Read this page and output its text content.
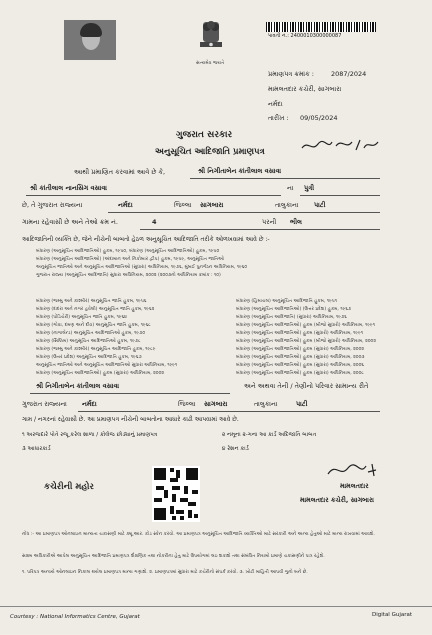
સત્યમેવ જયતે
પાવતી નં.: 2400010300000087
પ્રમાણપત્ર ક્રમાંક :	2087/2024
મામલતદાર કચેરી, સાગબારા
નર્મદા
તારીખ : 09/05/2024
ગુજરાત સરકાર
અનુસૂચિત આદિજાતિ પ્રમાણપત્ર
આથી પ્રમાણિત કરવામાં આવે છે કે,	શ્રી નિગીતાબેન કાંતીલાલ વસાવા
શ્રી કાંતીલાલ નાનસિંગ વસાવા	ના પુત્રી
છે, તે ગુજરાત રાજ્યના	નર્મદા	જિલ્લા સાગબારા	તાલુકાના પાટી
ગામના રહેવાસી છે અને તેઓ ક્રમ નં.	4	પરની ભીલ
આદિજાતિની વ્યક્તિ છે, જેને નીચેની બાબતો હેઠળ અનુસૂચિત આદિજાતિ તરીકે ઓળખવામાં આવે છે :-
બંધારણ (અનુસૂચિત આદિજાતિઓ) હુકમ, ૧૯૫૦, બંધારણ (અનુસૂચિત આદિજાતિઓ) હુકમ, ૧૯૫૦
બંધારણ (અનુસૂચિત આદિજાતિઓ) (અંદામાન અને નિકોબાર દ્વીપ) હુકમ, ૧૯૫૯, અનુસૂચિત જાતિઓ
અનુસૂચિત જાતિઓ અને અનુસૂચિત આદિજાતિઓ (સુધારા) અધિનિયમ, ૧૯૭૬, મુંબઈ પુનર્ગઠન અધિનિયમ, ૧૯૬૦
ગુજરાત રાજ્ય (અનુસૂચિત આદિજાતિ) સુધારા અધિનિયમ, ૨૦૦૨ (૨૦૦૩નો અધિનિયમ ક્રમાંક : ૧૦)
બંધારણ (જમ્મુ અને કાશ્મીર) અનુસૂચિત જાતિ હુકમ, ૧૯૫૬
બંધારણ (દાદરા અને નગર હવેલી) અનુસૂચિત જાતિ હુકમ, ૧૯૬૨
બંધારણ (પોંડિચેરી) અનુસૂચિત જાતિ હુકમ, ૧૯૬૪
બંધારણ (ગોવા, દમણ અને દીવ) અનુસૂચિત જાતિ હુકમ, ૧૯૬૮
બંધારણ (નાગાલેન્ડ) અનુસૂચિત આદિજાતિઓ હુકમ, ૧૯૭૦
બંધારણ (સિક્કિમ) અનુસૂચિત આદિજાતિઓ હુકમ, ૧૯૭૮
બંધારણ (જમ્મુ અને કાશ્મીર) અનુસૂચિત આદિજાતિ હુકમ, ૧૯૮૯
બંધારણ (ઉત્તર પ્રદેશ) અનુસૂચિત આદિજાતિ હુકમ, ૧૯૬૭
અનુસૂચિત જાતિઓ અને અનુસૂચિત આદિજાતિઓ સુધારા અધિનિયમ, ૧૯૯૧
બંધારણ (અનુસૂચિત આદિજાતિઓ) હુકમ (સુધારા) અધિનિયમ, ૨૦૦૨
બંધારણ (હિમાચલ) અનુસૂચિત આદિજાતિ હુકમ, ૧૯૫૧
બંધારણ (અનુસૂચિત આદિજાતિઓ) (ઉત્તર પ્રદેશ) હુકમ, ૧૯૬૭
બંધારણ (અનુસૂચિત આદિજાતિ) (સુધારા) અધિનિયમ, ૧૯૭૬
બંધારણ (અનુસૂચિત આદિજાતિઓ) હુકમ (બીજો સુધારો) અધિનિયમ, ૧૯૯૧
બંધારણ (અનુસૂચિત આદિજાતિઓ) હુકમ (સુધારો) અધિનિયમ, ૧૯૯૧
બંધારણ (અનુસૂચિત આદિજાતિઓ) હુકમ (બીજો સુધારો) અધિનિયમ, ૨૦૦૨
બંધારણ (અનુસૂચિત આદિજાતિઓ) હુકમ (સુધારા) અધિનિયમ, ૨૦૦૨
બંધારણ (અનુસૂચિત આદિજાતિઓ) હુકમ (સુધારા) અધિનિયમ, ૨૦૦૩
બંધારણ (અનુસૂચિત આદિજાતિઓ) હુકમ (સુધારા) અધિનિયમ, ૨૦૦૬
બંધારણ (અનુસૂચિત આદિજાતિઓ) હુકમ (સુધારા) અધિનિયમ, ૨૦૦૮
શ્રી નિગીતાબેન કાંતીલાલ વસાવા	અને અથવા તેની / તેણીનો પરિવાર સામાન્ય રીતે
ગુજરાત રાજ્યના નર્મદા	જિલ્લા સાગબારા	તાલુકાના	પાટી
ગામ / નગરનાં રહેવાસી છે. આ પ્રમાણપત્ર નીચેની બાબતોના આધારે કાઢી આપવામાં આવે છે.
૧ અરજદારે પોતે રજૂ કરેલ શાળા / કોલેજ છોડ્યાનું પ્રમાણપત્ર	૨ નમૂના ૨-ગના આ કાર્ડ અદિજાતિ બાબત
૩ આધારકાર્ડ	૪ રેશન કાર્ડ
કચેરીની મહોર	મામલતદાર
મામલતદાર કચેરી, સાગબારા
નોંધ :- આ પ્રમાણપત્ર ઓનલાઇન માન્યતા ચકાસણી માટે ક્યૂ.આર. કોડ સ્કેન કરવો. આ પ્રમાણપત્ર અનુસૂચિત આદિજાતિ વ્યક્તિઓ માટે સરકારી અને અન્ય હેતુઓ માટે માન્ય રાખવામાં આવશે.
સક્ષમ અધિકારીએ આપેલ અનુસૂચિત આદિજાતિ પ્રમાણપત્ર શૈક્ષણિક તથા નોકરીના હેતુ માટે ઉપયોગમાં લઇ શકાશે તથા સંબંધિત નિયમો પ્રમાણે ચકાસણીને પાત્ર રહેશે.
૧. પરિપત્ર અન્વયે ઓનલાઇન નિકાલ થયેલ પ્રમાણપત્ર માન્ય ગણાશે. ૨. પ્રમાણપત્રમાં સુધારા માટે કચેરીનો સંપર્ક કરવો. ૩. ખોટી માહિતી આપવી ગુનો બને છે.
Courtesy : National Informatics Centre, Gujarat	Digital Gujarat
